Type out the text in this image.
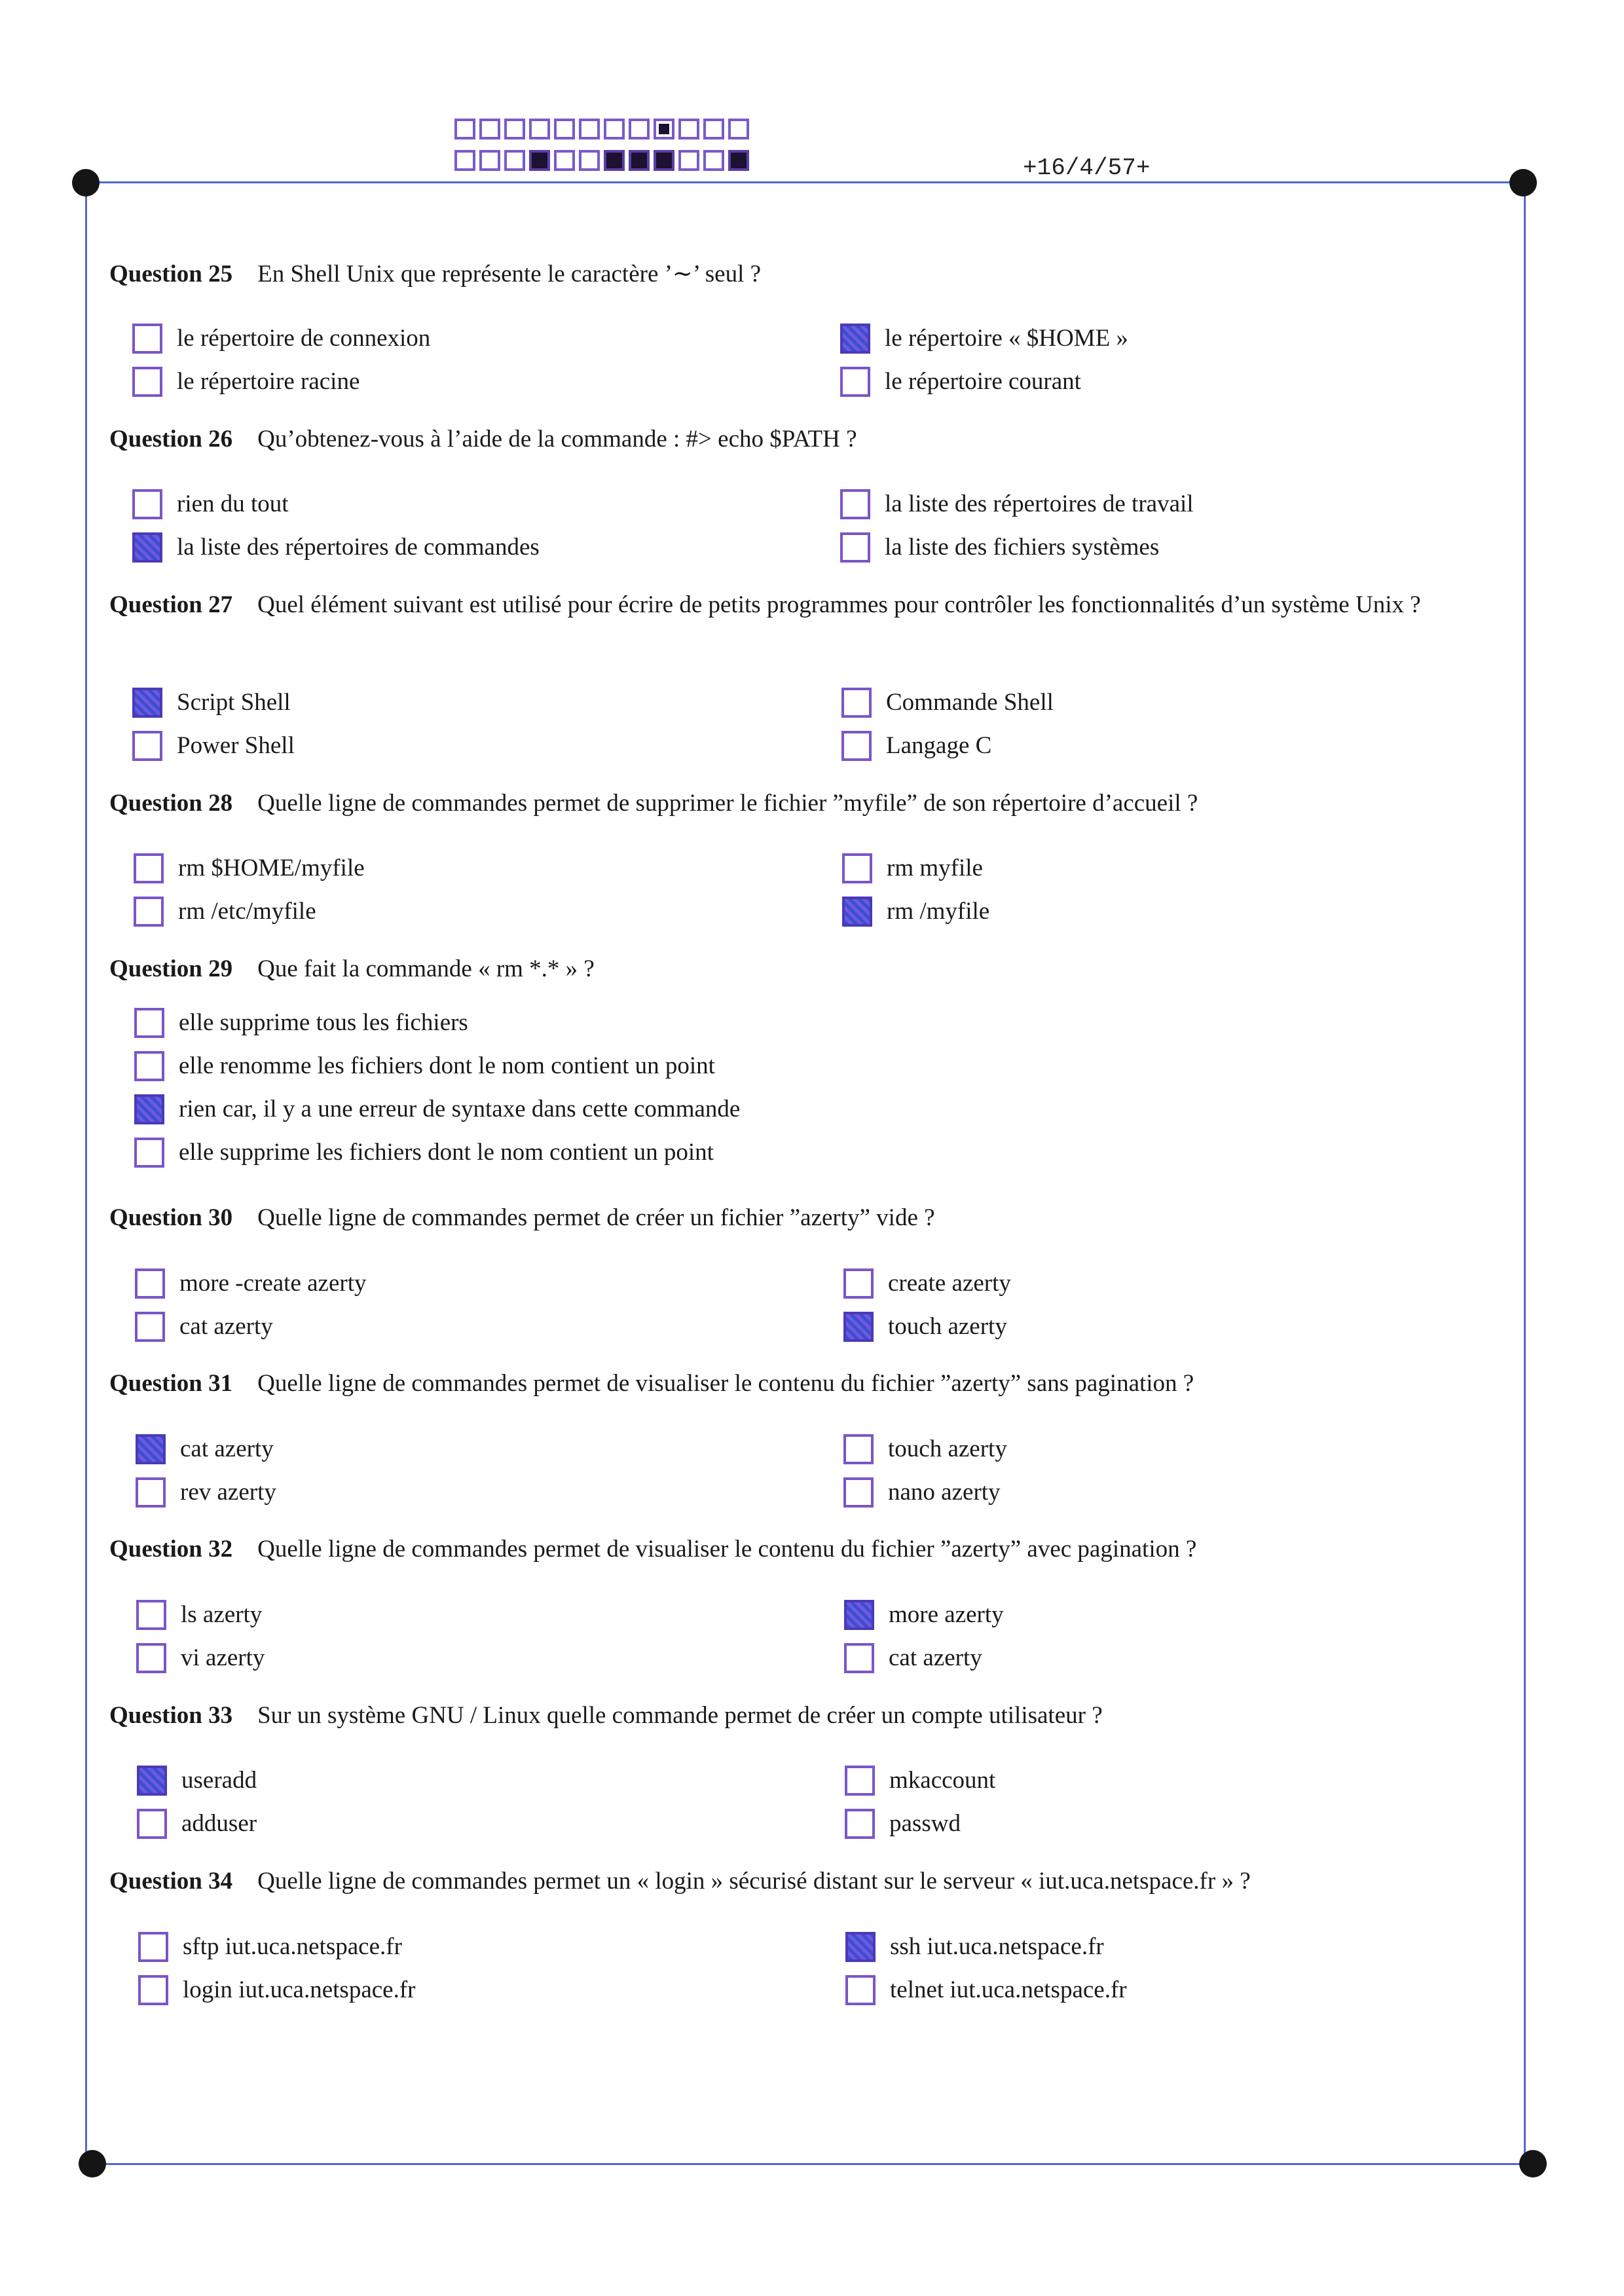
+16/4/57+
Question 25 En Shell Unix que représente le caractère ’∼’ seul ?
le répertoire de connexion	le répertoire « $HOME »
le répertoire racine	le répertoire courant
Question 26 Qu’obtenez-vous à l’aide de la commande : #> echo $PATH ?
rien du tout	la liste des répertoires de travail
la liste des répertoires de commandes	la liste des fichiers systèmes
Question 27 Quel élément suivant est utilisé pour écrire de petits programmes pour contrôler les fonctionnalités d’un système Unix ?
Script Shell	Commande Shell
Power Shell	Langage C
Question 28 Quelle ligne de commandes permet de supprimer le fichier ”myfile” de son répertoire d’accueil ?
rm $HOME/myfile	rm myfile
rm /etc/myfile	rm /myfile
Question 29 Que fait la commande « rm *.* » ?
elle supprime tous les fichiers
elle renomme les fichiers dont le nom contient un point
rien car, il y a une erreur de syntaxe dans cette commande
elle supprime les fichiers dont le nom contient un point
Question 30 Quelle ligne de commandes permet de créer un fichier ”azerty” vide ?
more -create azerty	create azerty
cat azerty	touch azerty
Question 31 Quelle ligne de commandes permet de visualiser le contenu du fichier ”azerty” sans pagination ?
cat azerty	touch azerty
rev azerty	nano azerty
Question 32 Quelle ligne de commandes permet de visualiser le contenu du fichier ”azerty” avec pagination ?
ls azerty	more azerty
vi azerty	cat azerty
Question 33 Sur un système GNU / Linux quelle commande permet de créer un compte utilisateur ?
useradd	mkaccount
adduser	passwd
Question 34 Quelle ligne de commandes permet un « login » sécurisé distant sur le serveur « iut.uca.netspace.fr » ?
sftp iut.uca.netspace.fr	ssh iut.uca.netspace.fr
login iut.uca.netspace.fr	telnet iut.uca.netspace.fr
